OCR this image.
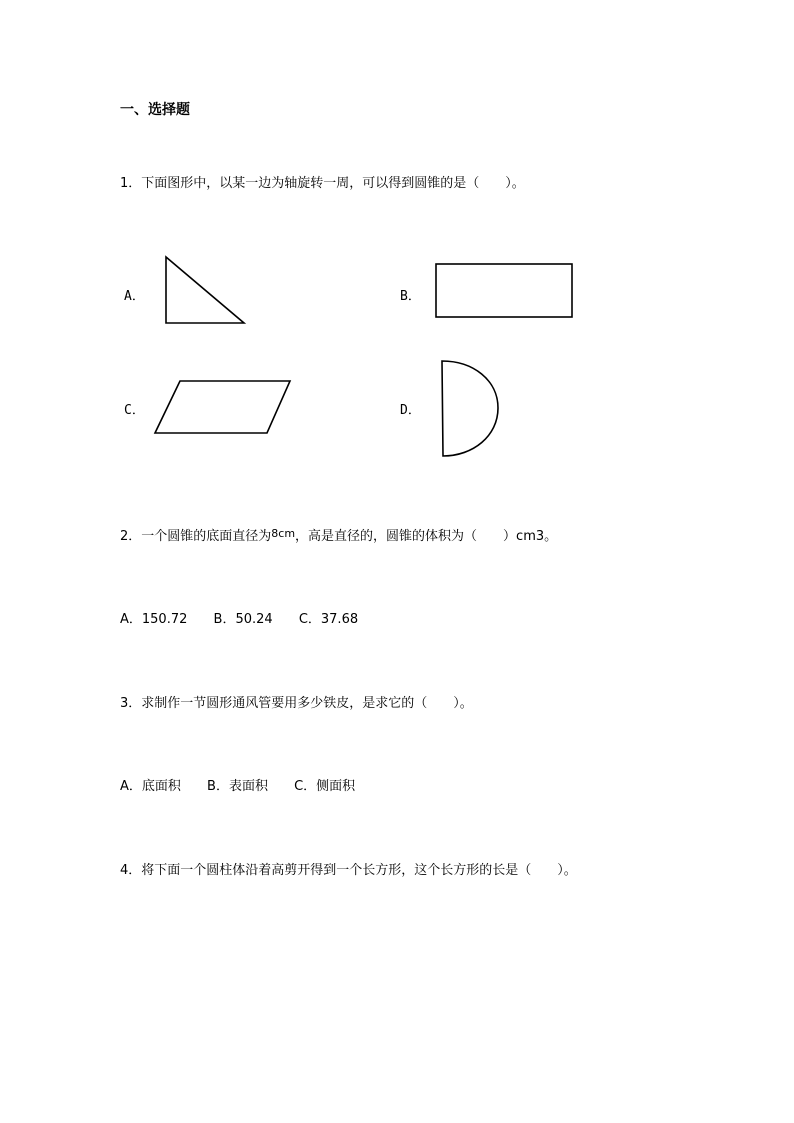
一、选择题
1．下面图形中，以某一边为轴旋转一周，可以得到圆锥的是（　　）。
A．	B．
C．	D．
2．一个圆锥的底面直径为$^{8cm}$，高是直径的，圆锥的体积为（　　）cm3。
A．150.72 B．50.24 C．37.68
3．求制作一节圆形通风管要用多少铁皮，是求它的（　　）。
A．底面积 B．表面积 C．侧面积
4．将下面一个圆柱体沿着高剪开得到一个长方形，这个长方形的长是（　　）。
